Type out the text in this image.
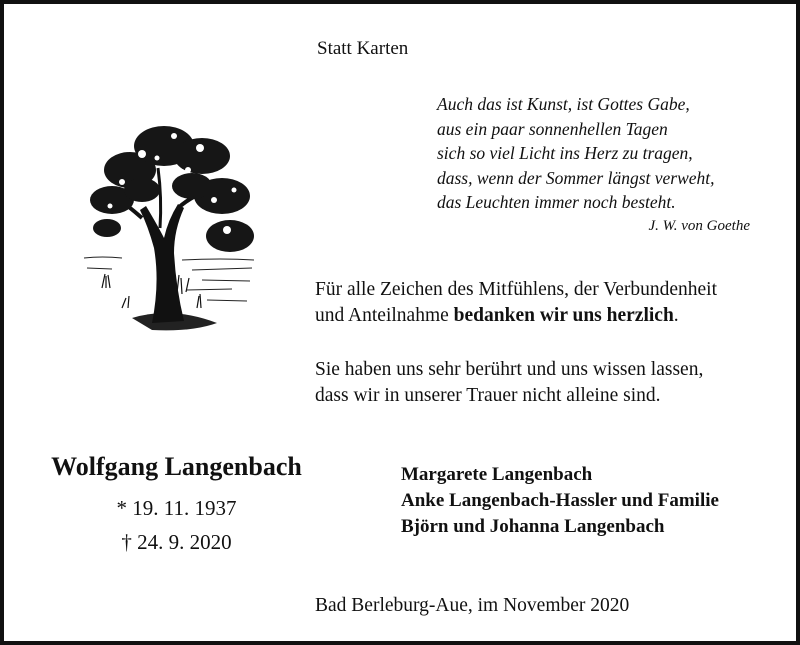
Statt Karten
Auch das ist Kunst, ist Gottes Gabe,
aus ein paar sonnenhellen Tagen
sich so viel Licht ins Herz zu tragen,
dass, wenn der Sommer längst verweht,
das Leuchten immer noch besteht.
J. W. von Goethe
Für alle Zeichen des Mitfühlens, der Verbundenheit
und Anteilnahme bedanken wir uns herzlich.
Sie haben uns sehr berührt und uns wissen lassen,
dass wir in unserer Trauer nicht alleine sind.
Wolfgang Langenbach
* 19. 11. 1937
† 24. 9. 2020
Margarete Langenbach
Anke Langenbach-Hassler und Familie
Björn und Johanna Langenbach
Bad Berleburg-Aue, im November 2020
